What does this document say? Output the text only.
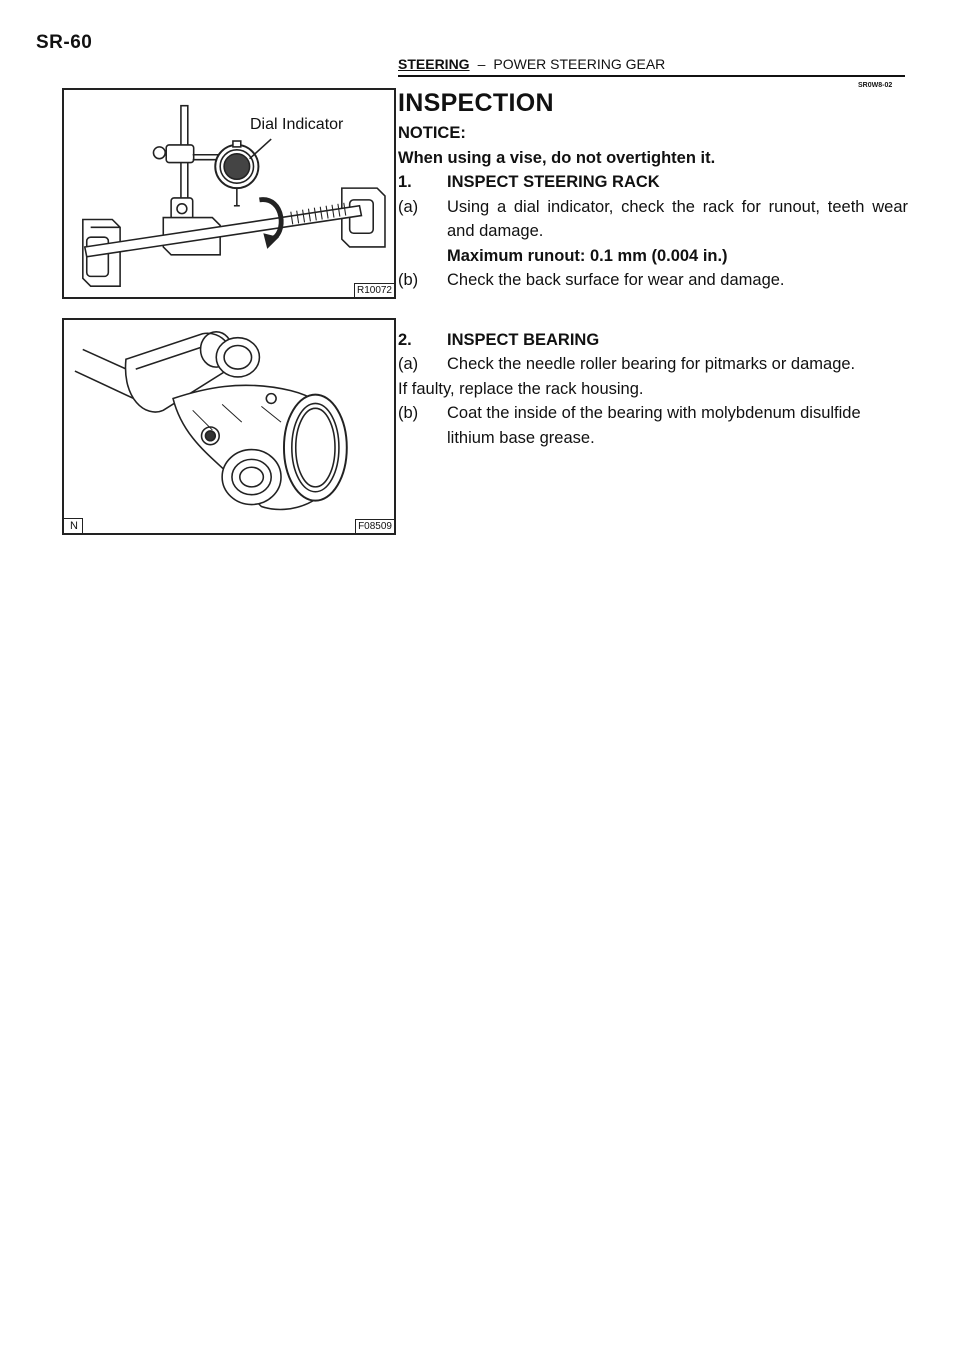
SR-60
STEERING – POWER STEERING GEAR
SR0W8-02
Dial Indicator
R10072
N	F08509
INSPECTION
NOTICE:
When using a vise, do not overtighten it.
1.	INSPECT STEERING RACK
(a)	Using a dial indicator, check the rack for runout, teeth wear and damage.
Maximum runout: 0.1 mm (0.004 in.)
(b)	Check the back surface for wear and damage.
2.	INSPECT BEARING
(a)	Check the needle roller bearing for pitmarks or damage.
If faulty, replace the rack housing.
(b)	Coat the inside of the bearing with molybdenum disulfide lithium base grease.
